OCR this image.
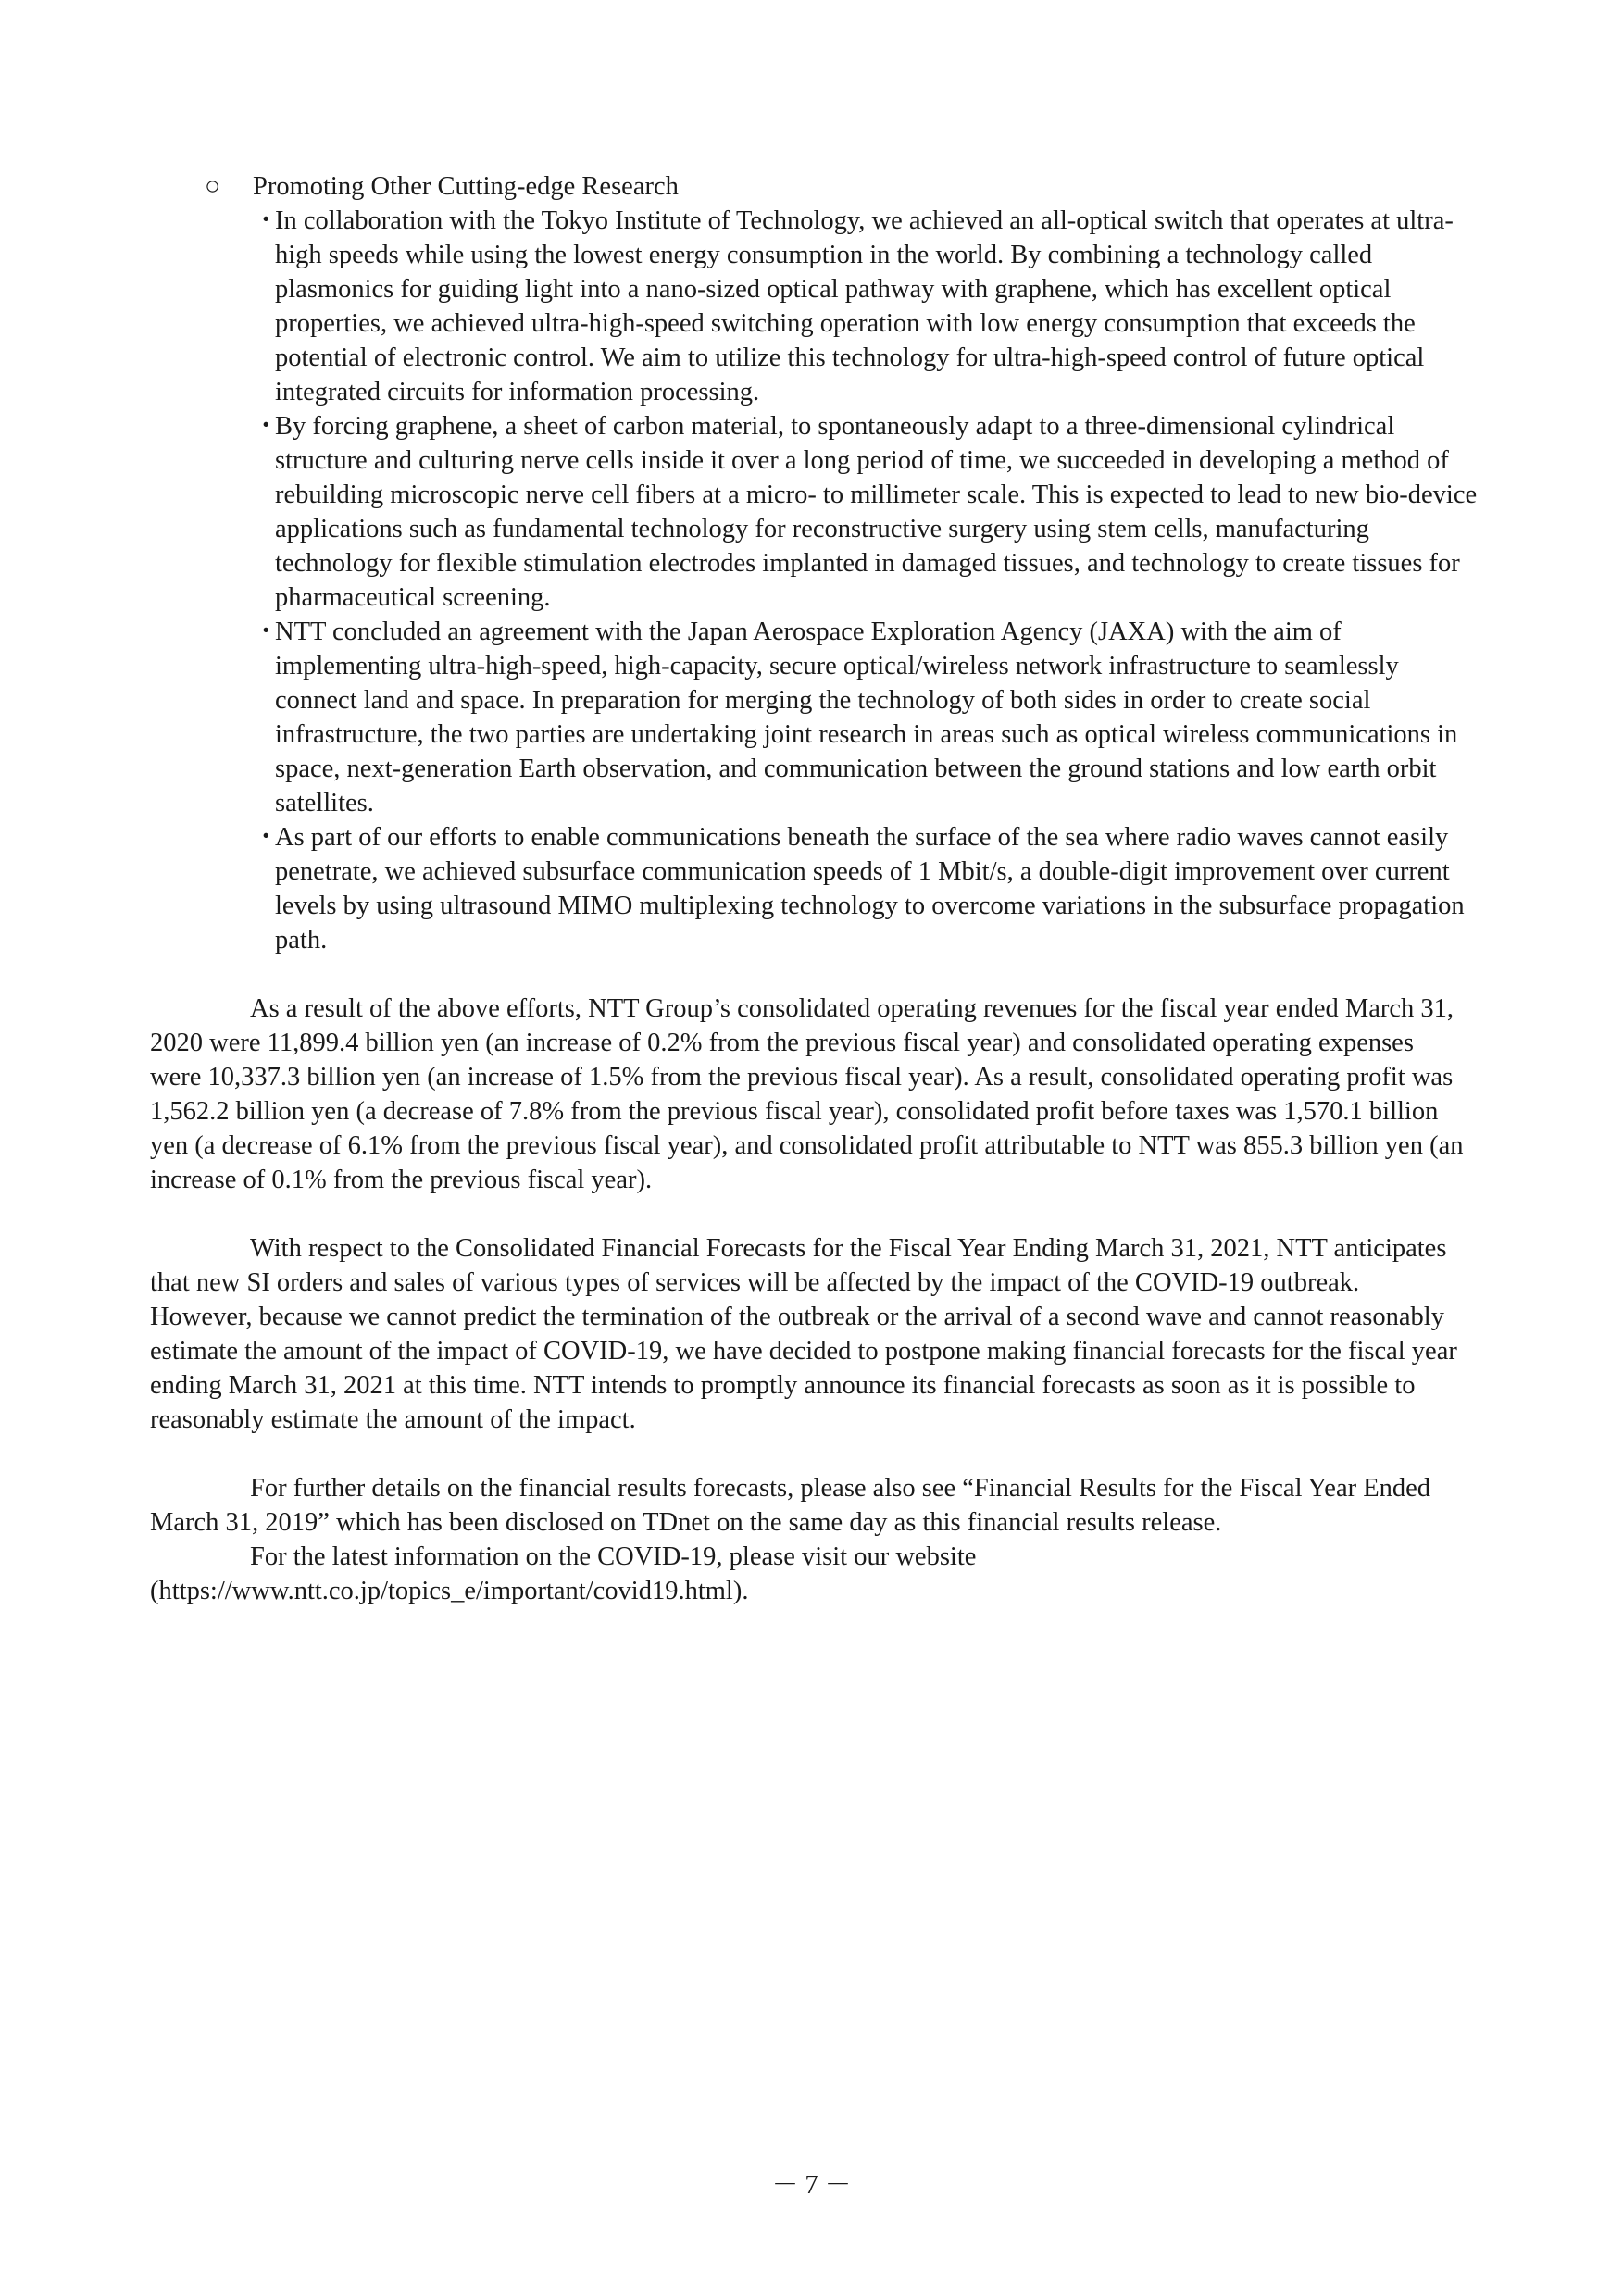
○	Promoting Other Cutting-edge Research

・
In collaboration with the Tokyo Institute of Technology, we achieved an all-optical switch that operates at ultra-high speeds while using the lowest energy consumption in the world. By combining a technology called plasmonics for guiding light into a nano-sized optical pathway with graphene, which has excellent optical properties, we achieved ultra-high-speed switching operation with low energy consumption that exceeds the potential of electronic control. We aim to utilize this technology for ultra-high-speed control of future optical integrated circuits for information processing.
・
By forcing graphene, a sheet of carbon material, to spontaneously adapt to a three-dimensional cylindrical structure and culturing nerve cells inside it over a long period of time, we succeeded in developing a method of rebuilding microscopic nerve cell fibers at a micro- to millimeter scale. This is expected to lead to new bio-device applications such as fundamental technology for reconstructive surgery using stem cells, manufacturing technology for flexible stimulation electrodes implanted in damaged tissues, and technology to create tissues for pharmaceutical screening.
・
NTT concluded an agreement with the Japan Aerospace Exploration Agency (JAXA) with the aim of implementing ultra-high-speed, high-capacity, secure optical/wireless network infrastructure to seamlessly connect land and space. In preparation for merging the technology of both sides in order to create social infrastructure, the two parties are undertaking joint research in areas such as optical wireless communications in space, next-generation Earth observation, and communication between the ground stations and low earth orbit satellites.
・
As part of our efforts to enable communications beneath the surface of the sea where radio waves cannot easily penetrate, we achieved subsurface communication speeds of 1 Mbit/s, a double-digit improvement over current levels by using ultrasound MIMO multiplexing technology to overcome variations in the subsurface propagation path.

As a result of the above efforts, NTT Group’s consolidated operating revenues for the fiscal year ended March 31, 2020 were 11,899.4 billion yen (an increase of 0.2% from the previous fiscal year) and consolidated operating expenses were 10,337.3 billion yen (an increase of 1.5% from the previous fiscal year). As a result, consolidated operating profit was 1,562.2 billion yen (a decrease of 7.8% from the previous fiscal year), consolidated profit before taxes was 1,570.1 billion yen (a decrease of 6.1% from the previous fiscal year), and consolidated profit attributable to NTT was 855.3 billion yen (an increase of 0.1% from the previous fiscal year).

With respect to the Consolidated Financial Forecasts for the Fiscal Year Ending March 31, 2021, NTT anticipates that new SI orders and sales of various types of services will be affected by the impact of the COVID-19 outbreak. However, because we cannot predict the termination of the outbreak or the arrival of a second wave and cannot reasonably estimate the amount of the impact of COVID-19, we have decided to postpone making financial forecasts for the fiscal year ending March 31, 2021 at this time. NTT intends to promptly announce its financial forecasts as soon as it is possible to reasonably estimate the amount of the impact.

For further details on the financial results forecasts, please also see “Financial Results for the Fiscal Year Ended March 31, 2019” which has been disclosed on TDnet on the same day as this financial results release.

For the latest information on the COVID-19, please visit our website (https://www.ntt.co.jp/topics_e/important/covid19.html).

－ 7 －
